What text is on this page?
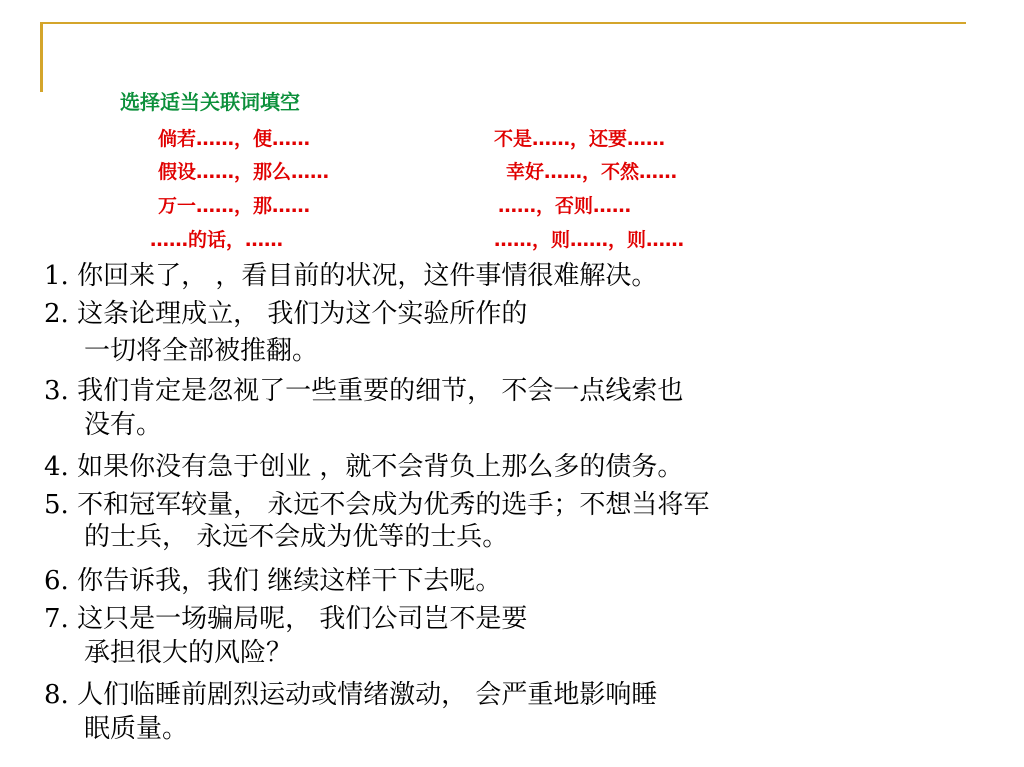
选择适当关联词填空
倘若……，便……
假设……，那么……
万一……，那……
……的话，……
不是……，还要……
幸好……，不然……
……，否则……
……，则……，则……
1. 你回来了， ，看目前的状况，这件事情很难解决。
2. 这条论理成立， 我们为这个实验所作的
一切将全部被推翻。
3. 我们肯定是忽视了一些重要的细节， 不会一点线索也
没有。
4. 如果你没有急于创业 ，就不会背负上那么多的债务。
5. 不和冠军较量， 永远不会成为优秀的选手；不想当将军
的士兵， 永远不会成为优等的士兵。
6. 你告诉我，我们 继续这样干下去呢。
7. 这只是一场骗局呢， 我们公司岂不是要
承担很大的风险？
8. 人们临睡前剧烈运动或情绪激动， 会严重地影响睡
眠质量。
